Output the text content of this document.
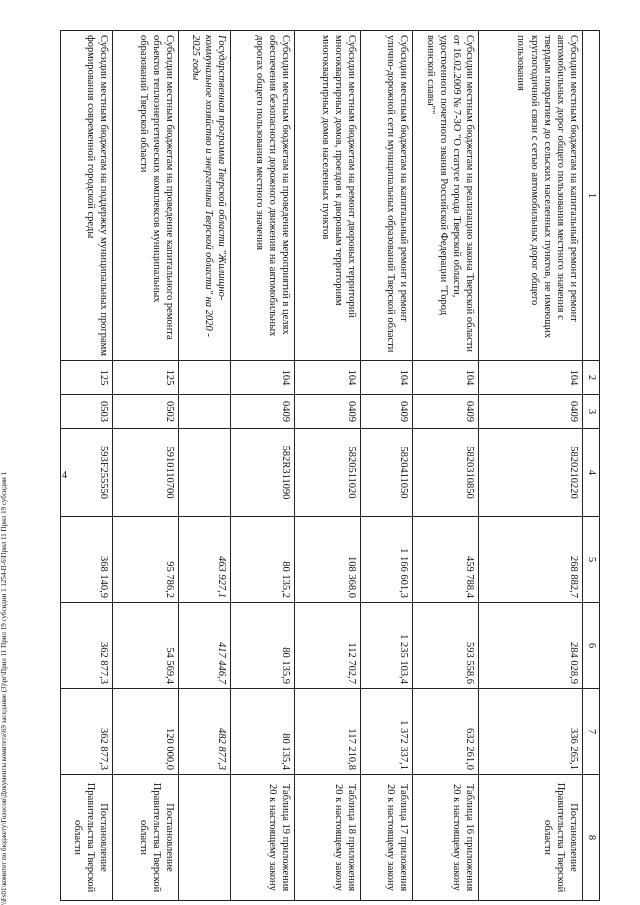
4
1	2	3	4	5	6	7	8
Субсидии местным бюджетам на капитальный ремонт и ремонт автомобильных дорог общего пользования местного значения с твердым покрытием до сельских населенных пунктов, не имеющих круглогодичной связи с сетью автомобильных дорог общего пользования	104	0409	5820210220	268 882,7	284 028,9	336 265,1	Постановление Правительства Тверской области
Субсидии местным бюджетам на реализацию закона Тверской области от 16.02.2009 № 7-ЗО "О статусе города Тверской области, удостоенного почетного звания Российской Федерации "Город воинской славы""	104	0409	5820310850	459 788,4	593 558,6	632 261,0	Таблица 16 приложения 20 к настоящему закону
Субсидии местным бюджетам на капитальный ремонт и ремонт улично-дорожной сети муниципальных образований Тверской области	104	0409	5820411050	1 166 601,3	1 235 103,4	1 372 337,1	Таблица 17 приложения 20 к настоящему закону
Субсидии местным бюджетам на ремонт дворовых территорий многоквартирных домов, проездов к дворовым территориям многоквартирных домов населенных пунктов	104	0409	5820511020	108 368,0	112 702,7	117 210,8	Таблица 18 приложения 20 к настоящему закону
Субсидии местным бюджетам на проведение мероприятий в целях обеспечения безопасности дорожного движения на автомобильных дорогах общего пользования местного значения	104	0409	582R311090	80 135,2	80 135,9	80 135,4	Таблица 19 приложения 20 к настоящему закону
Государственная программа Тверской области "Жилищно-коммунальное хозяйство и энергетика Тверской области" на 2020 - 2025 годы				463 927,1	417 446,7	482 877,3	
Субсидии местным бюджетам на проведение капитального ремонта объектов теплоэнергетических комплексов муниципальных образований Тверской области	125	0502	5910110700	95 786,2	54 569,4	120 000,0	Постановление Правительства Тверской области
Субсидии местным бюджетам на поддержку муниципальных программ формирования современной городской среды	125	0503	593F255550	368 140,9	362 877,3	362 877,3	Постановление Правительства Тверской области
\\Fs01\комитет по бюджету\Голосов\Документы комитета\69 заседание (3)\рг\Прил 11 Прил 19 субсидии 1 1254-П-6\Прил 11 Прил 19 субсидии 1
